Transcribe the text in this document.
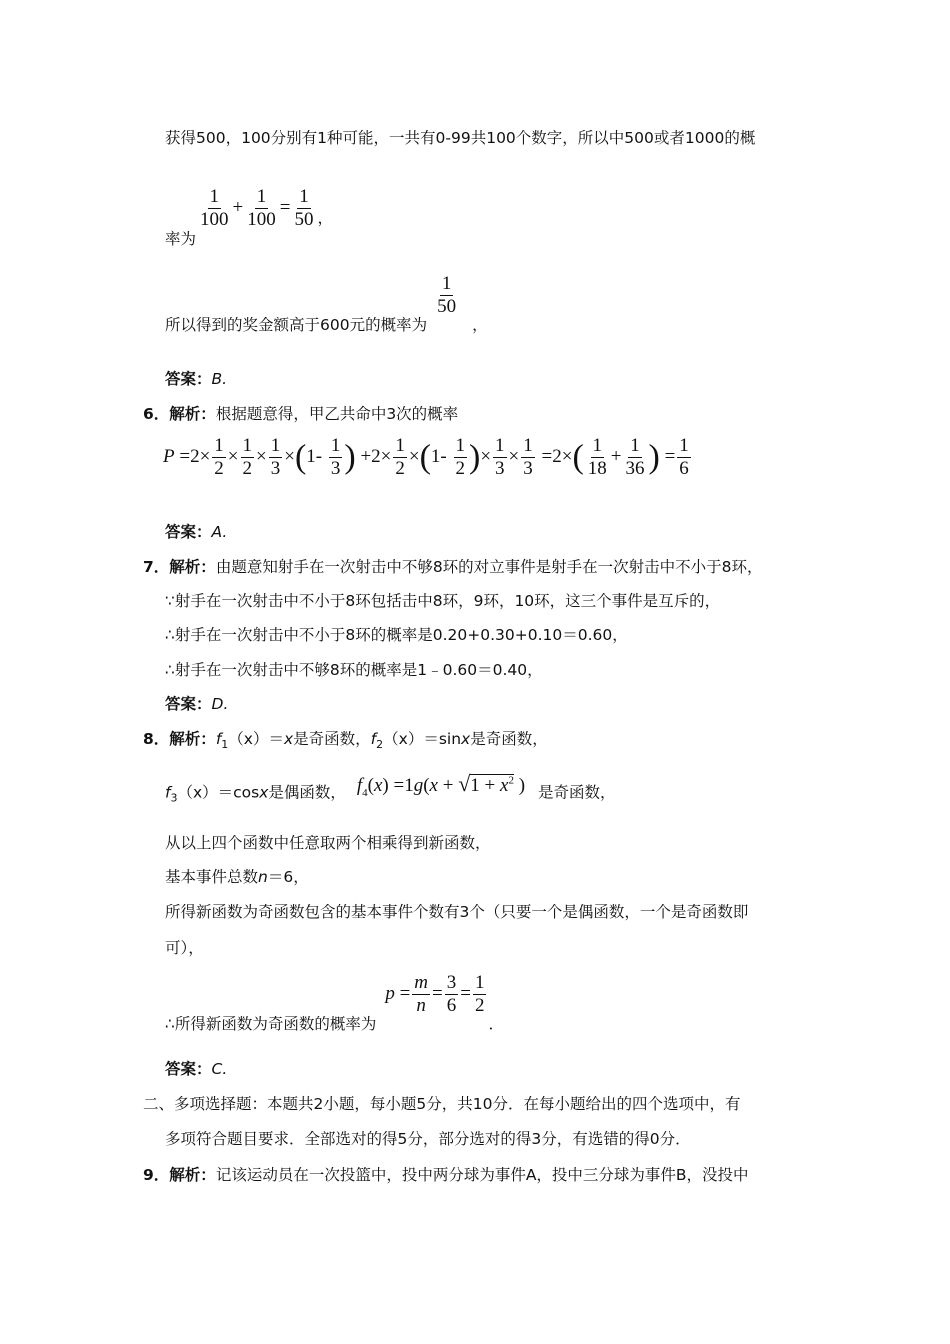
获得500，100分别有1种可能，一共有0-99共100个数字，所以中500或者1000的概
率为
$\frac{1}{100} + \frac{1}{100} = \frac{1}{50}$ ，
所以得到的奖金额高于600元的概率为
$\frac{1}{50}$
，
答案：B.
6．解析：根据题意得，甲乙共命中3次的概率
$P =2\times \frac{1}{2} \times \frac{1}{2} \times \frac{1}{3} \times(1- \frac{1}{3}$ ) $+2\times \frac{1}{2} \times(1- \frac{1}{2}$ )× $\frac{1}{3} \times \frac{1}{3} =2\times( \frac{1}{18} + \frac{1}{36}$ ) = $\frac{1}{6}$
答案：A.
7．解析：由题意知射手在一次射击中不够8环的对立事件是射手在一次射击中不小于8环，
∵射手在一次射击中不小于8环包括击中8环，9环，10环，这三个事件是互斥的，
∴射手在一次射击中不小于8环的概率是0.20+0.30+0.10＝0.60，
∴射手在一次射击中不够8环的概率是1﹣0.60＝0.40，
答案：D.
8．解析：$f_1(x)=x$是奇函数，$f_2(x)=\sin x$是奇函数，
$f_3(x)=\cos x$是偶函数， $f_4(x) =1g(x + √1 + x^2$ ) 是奇函数，
从以上四个函数中任意取两个相乘得到新函数，
基本事件总数n＝6，
所得新函数为奇函数包含的基本事件个数有3个（只要一个是偶函数，一个是奇函数即
可），
∴所得新函数为奇函数的概率为 $p = \frac{m}{n} = \frac{3}{6} = \frac{1}{2}$
．
答案：C.
二、多项选择题：本题共2小题，每小题5分，共10分．在每小题给出的四个选项中，有
多项符合题目要求．全部选对的得5分，部分选对的得3分，有选错的得0分．
9．解析：记该运动员在一次投篮中，投中两分球为事件A，投中三分球为事件B，没投中
